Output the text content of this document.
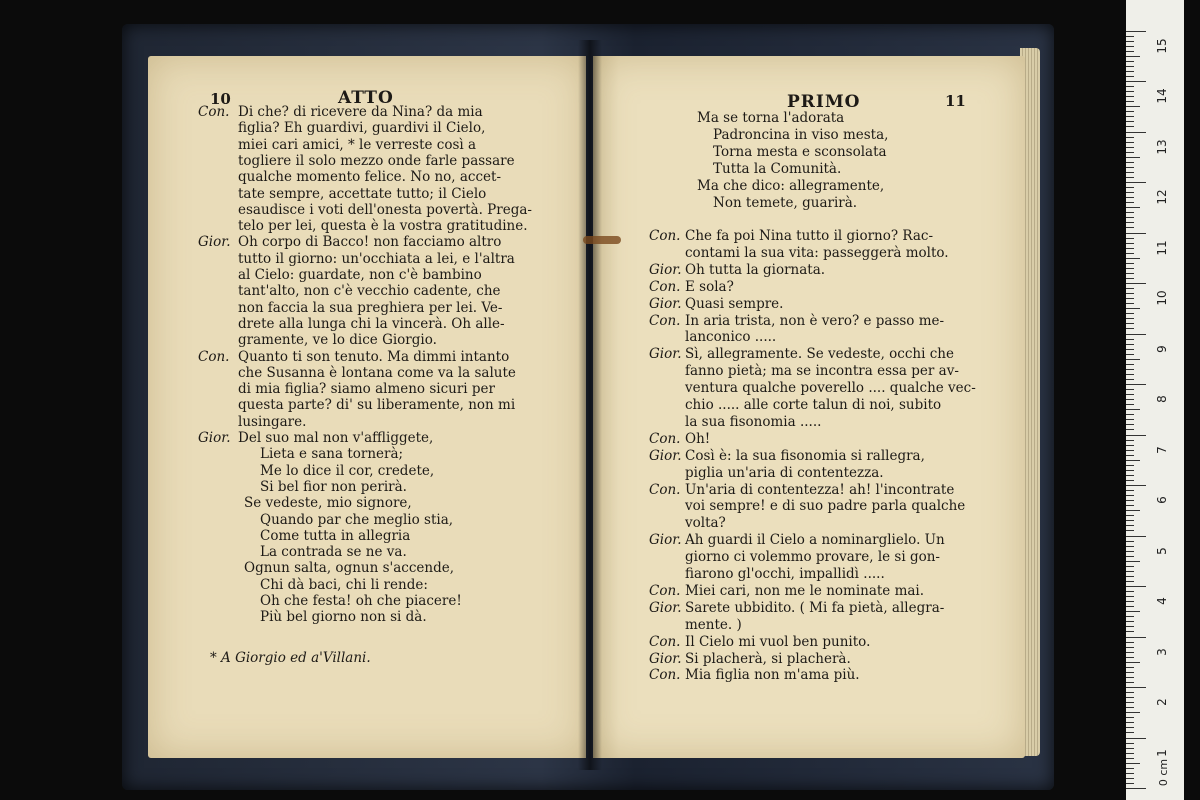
10	ATTO
Con. Di che? di ricevere da Nina? da mia
figlia? Eh guardivi, guardivi il Cielo,
miei cari amici, * le verreste così a
togliere il solo mezzo onde farle passare
qualche momento felice. No no, accet-
tate sempre, accettate tutto; il Cielo
esaudisce i voti dell'onesta povertà. Prega-
telo per lei, questa è la vostra gratitudine.
Gior. Oh corpo di Bacco! non facciamo altro
tutto il giorno: un'occhiata a lei, e l'altra
al Cielo: guardate, non c'è bambino
tant'alto, non c'è vecchio cadente, che
non faccia la sua preghiera per lei. Ve-
drete alla lunga chi la vincerà. Oh alle-
gramente, ve lo dice Giorgio.
Con. Quanto ti son tenuto. Ma dimmi intanto
che Susanna è lontana come va la salute
di mia figlia? siamo almeno sicuri per
questa parte? di' su liberamente, non mi
lusingare.
Gior. Del suo mal non v'affliggete,
Lieta e sana tornerà;
Me lo dice il cor, credete,
Si bel fior non perirà.
Se vedeste, mio signore,
Quando par che meglio stia,
Come tutta in allegria
La contrada se ne va.
Ognun salta, ognun s'accende,
Chi dà baci, chi li rende:
Oh che festa! oh che piacere!
Più bel giorno non si dà.
* A Giorgio ed a'Villani.
PRIMO	11
Ma se torna l'adorata
Padroncina in viso mesta,
Torna mesta e sconsolata
Tutta la Comunità.
Ma che dico: allegramente,
Non temete, guarirà.
Con. Che fa poi Nina tutto il giorno? Rac-
contami la sua vita: passeggerà molto.
Gior. Oh tutta la giornata.
Con. E sola?
Gior. Quasi sempre.
Con. In aria trista, non è vero? e passo me-
lanconico .....
Gior. Sì, allegramente. Se vedeste, occhi che
fanno pietà; ma se incontra essa per av-
ventura qualche poverello .... qualche vec-
chio ..... alle corte talun di noi, subito
la sua fisonomia .....
Con. Oh!
Gior. Così è: la sua fisonomia si rallegra,
piglia un'aria di contentezza.
Con. Un'aria di contentezza! ah! l'incontrate
voi sempre! e di suo padre parla qualche
volta?
Gior. Ah guardi il Cielo a nominarglielo. Un
giorno ci volemmo provare, le si gon-
fiarono gl'occhi, impallidì .....
Con. Miei cari, non me le nominate mai.
Gior. Sarete ubbidito. ( Mi fa pietà, allegra-
mente. )
Con. Il Cielo mi vuol ben punito.
Gior. Si placherà, si placherà.
Con. Mia figlia non m'ama più.
15
14
13
12
11
10
9
8
7
6
5
4
3
2
1
0 cm
